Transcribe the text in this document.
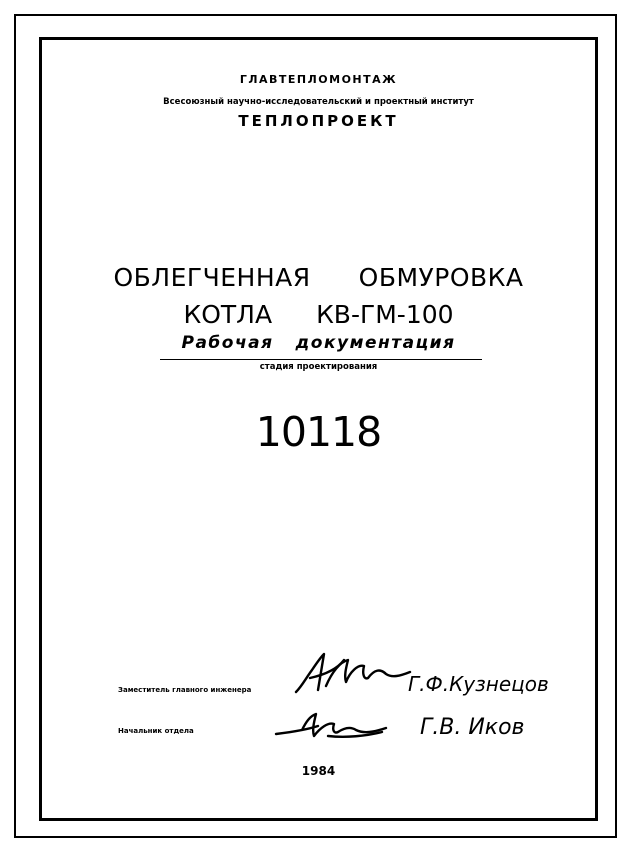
ГЛАВТЕПЛОМОНТАЖ
Всесоюзный научно-исследовательский и проектный институт
ТЕПЛОПРОЕКТ
ОБЛЕГЧЕННАЯ ОБМУРОВКА
КОТЛА КВ-ГМ-100
Рабочая документация
стадия проектирования
10118
Заместитель главного инженера	Г.Ф.Кузнецов
Начальник отдела	Г.В. Иков
1984
